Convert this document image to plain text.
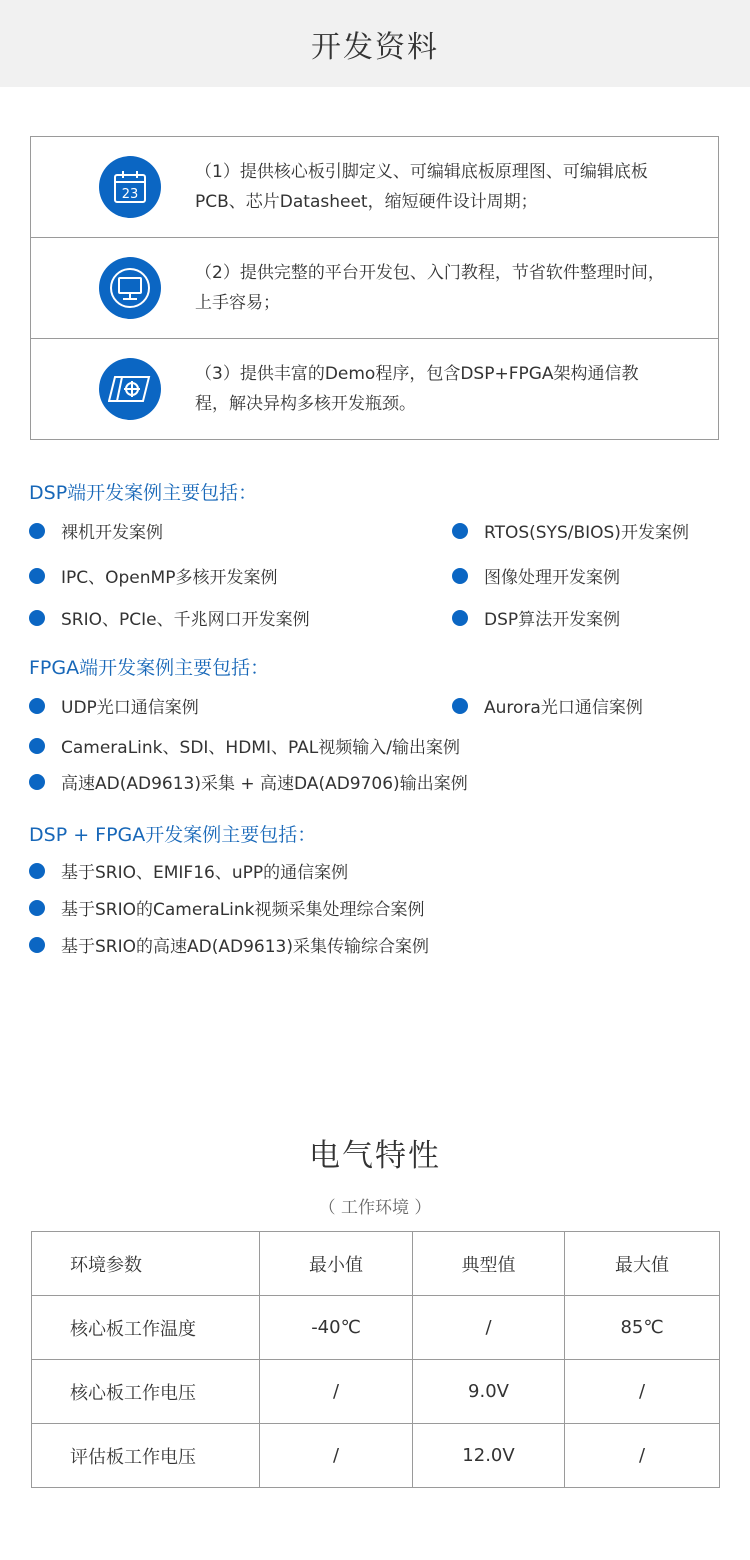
开发资料
23
（1）提供核心板引脚定义、可编辑底板原理图、可编辑底板PCB、芯片Datasheet，缩短硬件设计周期；
（2）提供完整的平台开发包、入门教程，节省软件整理时间，上手容易；
（3）提供丰富的Demo程序，包含DSP+FPGA架构通信教程，解决异构多核开发瓶颈。
DSP端开发案例主要包括：
裸机开发案例	RTOS(SYS/BIOS)开发案例
IPC、OpenMP多核开发案例	图像处理开发案例
SRIO、PCIe、千兆网口开发案例	DSP算法开发案例
FPGA端开发案例主要包括：
UDP光口通信案例	Aurora光口通信案例
CameraLink、SDI、HDMI、PAL视频输入/输出案例
高速AD(AD9613)采集 + 高速DA(AD9706)输出案例
DSP + FPGA开发案例主要包括：
基于SRIO、EMIF16、uPP的通信案例
基于SRIO的CameraLink视频采集处理综合案例
基于SRIO的高速AD(AD9613)采集传输综合案例
电气特性
（ 工作环境 ）
环境参数	最小值	典型值	最大值
核心板工作温度	-40℃	/	85℃
核心板工作电压	/	9.0V	/
评估板工作电压	/	12.0V	/
